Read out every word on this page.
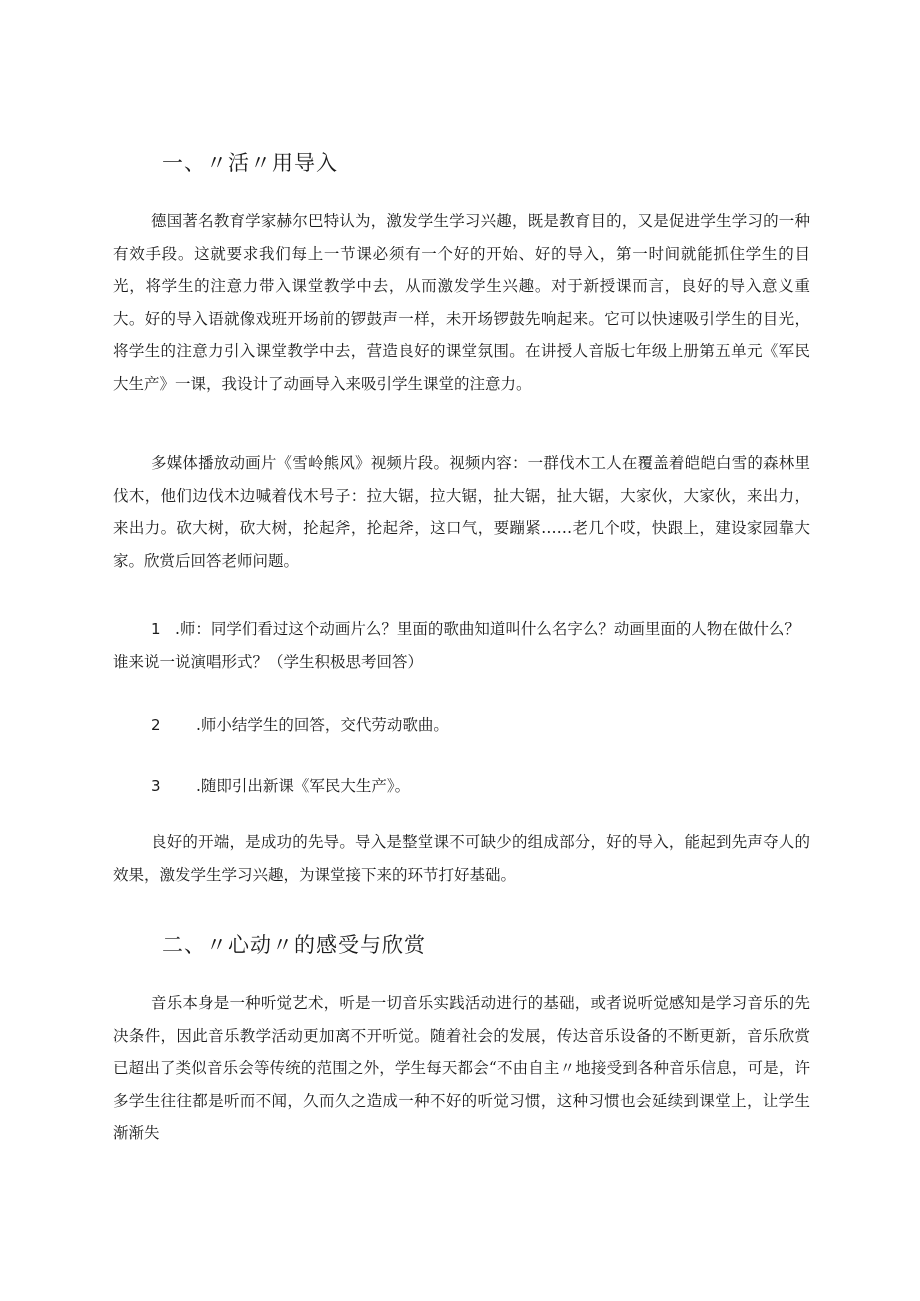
一、〃活〃用导入

德国著名教育学家赫尔巴特认为，激发学生学习兴趣，既是教育目的，又是促进学生学习的一种有效手段。这就要求我们每上一节课必须有一个好的开始、好的导入，第一时间就能抓住学生的目光，将学生的注意力带入课堂教学中去，从而激发学生兴趣。对于新授课而言，良好的导入意义重大。好的导入语就像戏班开场前的锣鼓声一样，未开场锣鼓先响起来。它可以快速吸引学生的目光，将学生的注意力引入课堂教学中去，营造良好的课堂氛围。在讲授人音版七年级上册第五单元《军民大生产》一课，我设计了动画导入来吸引学生课堂的注意力。

多媒体播放动画片《雪岭熊风》视频片段。视频内容：一群伐木工人在覆盖着皑皑白雪的森林里伐木，他们边伐木边喊着伐木号子：拉大锯，拉大锯，扯大锯，扯大锯，大家伙，大家伙，来出力，来出力。砍大树，砍大树，抡起斧，抡起斧，这口气，要蹦紧……老几个哎，快跟上，建设家园靠大家。欣赏后回答老师问题。

1 .师：同学们看过这个动画片么？里面的歌曲知道叫什么名字么？动画里面的人物在做什么？谁来说一说演唱形式？（学生积极思考回答）

2 .师小结学生的回答，交代劳动歌曲。

3 .随即引出新课《军民大生产》。

良好的开端，是成功的先导。导入是整堂课不可缺少的组成部分，好的导入，能起到先声夺人的效果，激发学生学习兴趣，为课堂接下来的环节打好基础。

二、〃心动〃的感受与欣赏

音乐本身是一种听觉艺术，听是一切音乐实践活动进行的基础，或者说听觉感知是学习音乐的先决条件，因此音乐教学活动更加离不开听觉。随着社会的发展，传达音乐设备的不断更新，音乐欣赏已超出了类似音乐会等传统的范围之外，学生每天都会“不由自主〃地接受到各种音乐信息，可是，许多学生往往都是听而不闻，久而久之造成一种不好的听觉习惯，这种习惯也会延续到课堂上，让学生渐渐失
